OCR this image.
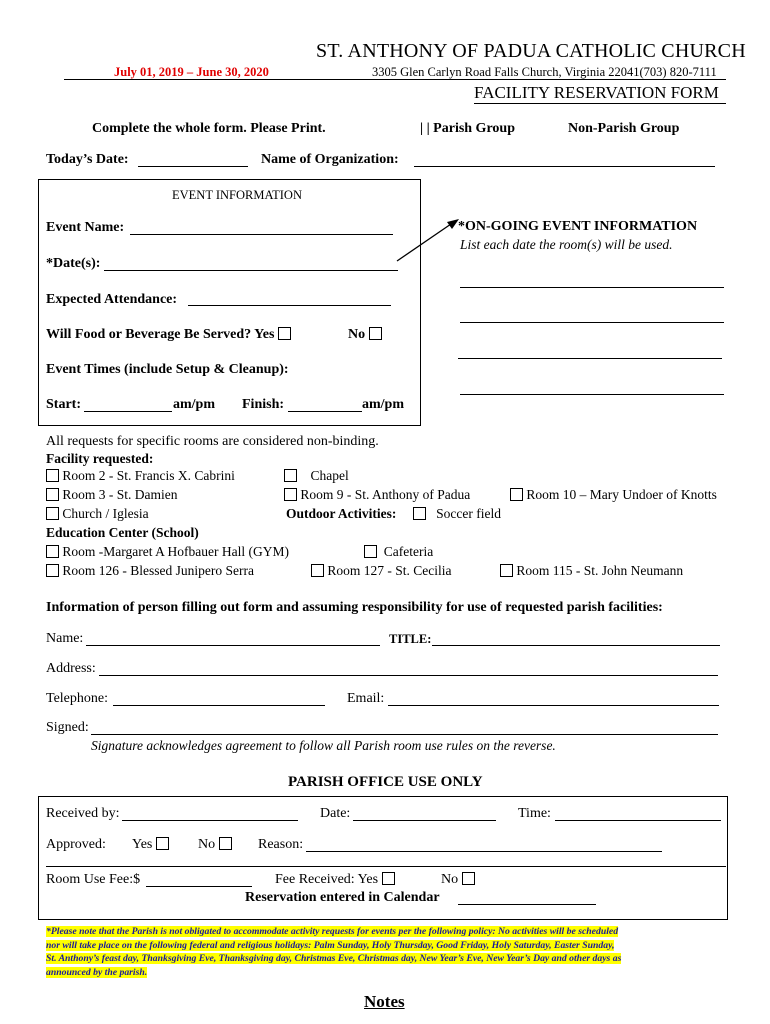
ST. ANTHONY OF PADUA CATHOLIC CHURCH
July 01, 2019 – June 30, 2020	3305 Glen Carlyn Road Falls Church, Virginia 22041(703) 820-7111
FACILITY RESERVATION FORM
Complete the whole form. Please Print.	| | Parish Group	Non-Parish Group
Today’s Date:	Name of Organization:
EVENT INFORMATION
Event Name:
*Date(s):
Expected Attendance:
Will Food or Beverage Be Served? Yes	No
Event Times (include Setup & Cleanup):
Start:	am/pm Finish:	am/pm
*ON-GOING EVENT INFORMATION
List each date the room(s) will be used.
All requests for specific rooms are considered non-binding.
Facility requested:
Room 2 - St. Francis X. Cabrini	Chapel
Room 3 - St. Damien	Room 9 - St. Anthony of Padua	Room 10 – Mary Undoer of Knotts
Church / Iglesia	Outdoor Activities:	Soccer field
Education Center (School)
Room -Margaret A Hofbauer Hall (GYM)	Cafeteria
Room 126 - Blessed Junipero Serra	Room 127 - St. Cecilia	Room 115 - St. John Neumann
Information of person filling out form and assuming responsibility for use of requested parish facilities:
Name:	TITLE:
Address:
Telephone:	Email:
Signed:
Signature acknowledges agreement to follow all Parish room use rules on the reverse.
PARISH OFFICE USE ONLY
Received by:	Date:	Time:
Approved: Yes	No	Reason:
Room Use Fee:$	Fee Received: Yes	No
Reservation entered in Calendar
*Please note that the Parish is not obligated to accommodate activity requests for events per the following policy: No activities will be scheduled
nor will take place on the following federal and religious holidays: Palm Sunday, Holy Thursday, Good Friday, Holy Saturday, Easter Sunday,
St. Anthony’s feast day, Thanksgiving Eve, Thanksgiving day, Christmas Eve, Christmas day, New Year’s Eve, New Year’s Day and other days as
announced by the parish.
Notes
